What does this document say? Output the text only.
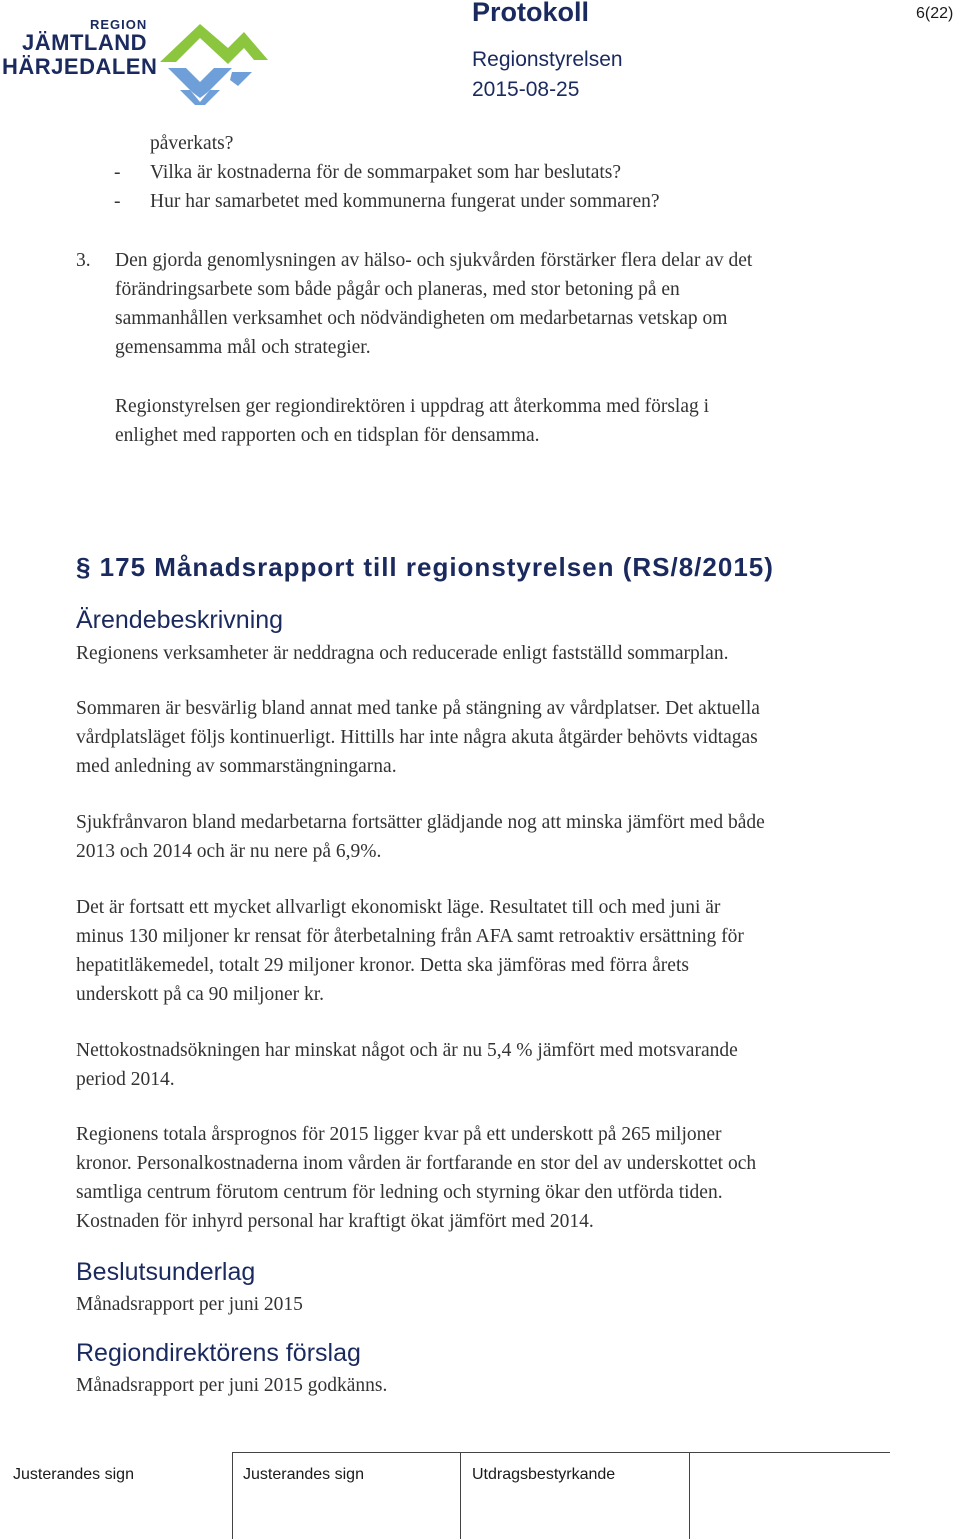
REGION
JÄMTLAND
HÄRJEDALEN
Protokoll
Regionstyrelsen
2015-08-25
6(22)
påverkats?
- Vilka är kostnaderna för de sommarpaket som har beslutats?
- Hur har samarbetet med kommunerna fungerat under sommaren?
3. Den gjorda genomlysningen av hälso- och sjukvården förstärker flera delar av det
förändringsarbete som både pågår och planeras, med stor betoning på en
sammanhållen verksamhet och nödvändigheten om medarbetarnas vetskap om
gemensamma mål och strategier.
Regionstyrelsen ger regiondirektören i uppdrag att återkomma med förslag i
enlighet med rapporten och en tidsplan för densamma.
§ 175 Månadsrapport till regionstyrelsen (RS/8/2015)
Ärendebeskrivning
Regionens verksamheter är neddragna och reducerade enligt fastställd sommarplan.
Sommaren är besvärlig bland annat med tanke på stängning av vårdplatser. Det aktuella
vårdplatsläget följs kontinuerligt. Hittills har inte några akuta åtgärder behövts vidtagas
med anledning av sommarstängningarna.
Sjukfrånvaron bland medarbetarna fortsätter glädjande nog att minska jämfört med både
2013 och 2014 och är nu nere på 6,9%.
Det är fortsatt ett mycket allvarligt ekonomiskt läge. Resultatet till och med juni är
minus 130 miljoner kr rensat för återbetalning från AFA samt retroaktiv ersättning för
hepatitläkemedel, totalt 29 miljoner kronor. Detta ska jämföras med förra årets
underskott på ca 90 miljoner kr.
Nettokostnadsökningen har minskat något och är nu 5,4 % jämfört med motsvarande
period 2014.
Regionens totala årsprognos för 2015 ligger kvar på ett underskott på 265 miljoner
kronor. Personalkostnaderna inom vården är fortfarande en stor del av underskottet och
samtliga centrum förutom centrum för ledning och styrning ökar den utförda tiden.
Kostnaden för inhyrd personal har kraftigt ökat jämfört med 2014.
Beslutsunderlag
Månadsrapport per juni 2015
Regiondirektörens förslag
Månadsrapport per juni 2015 godkänns.
Justerandes sign	Justerandes sign	Utdragsbestyrkande
